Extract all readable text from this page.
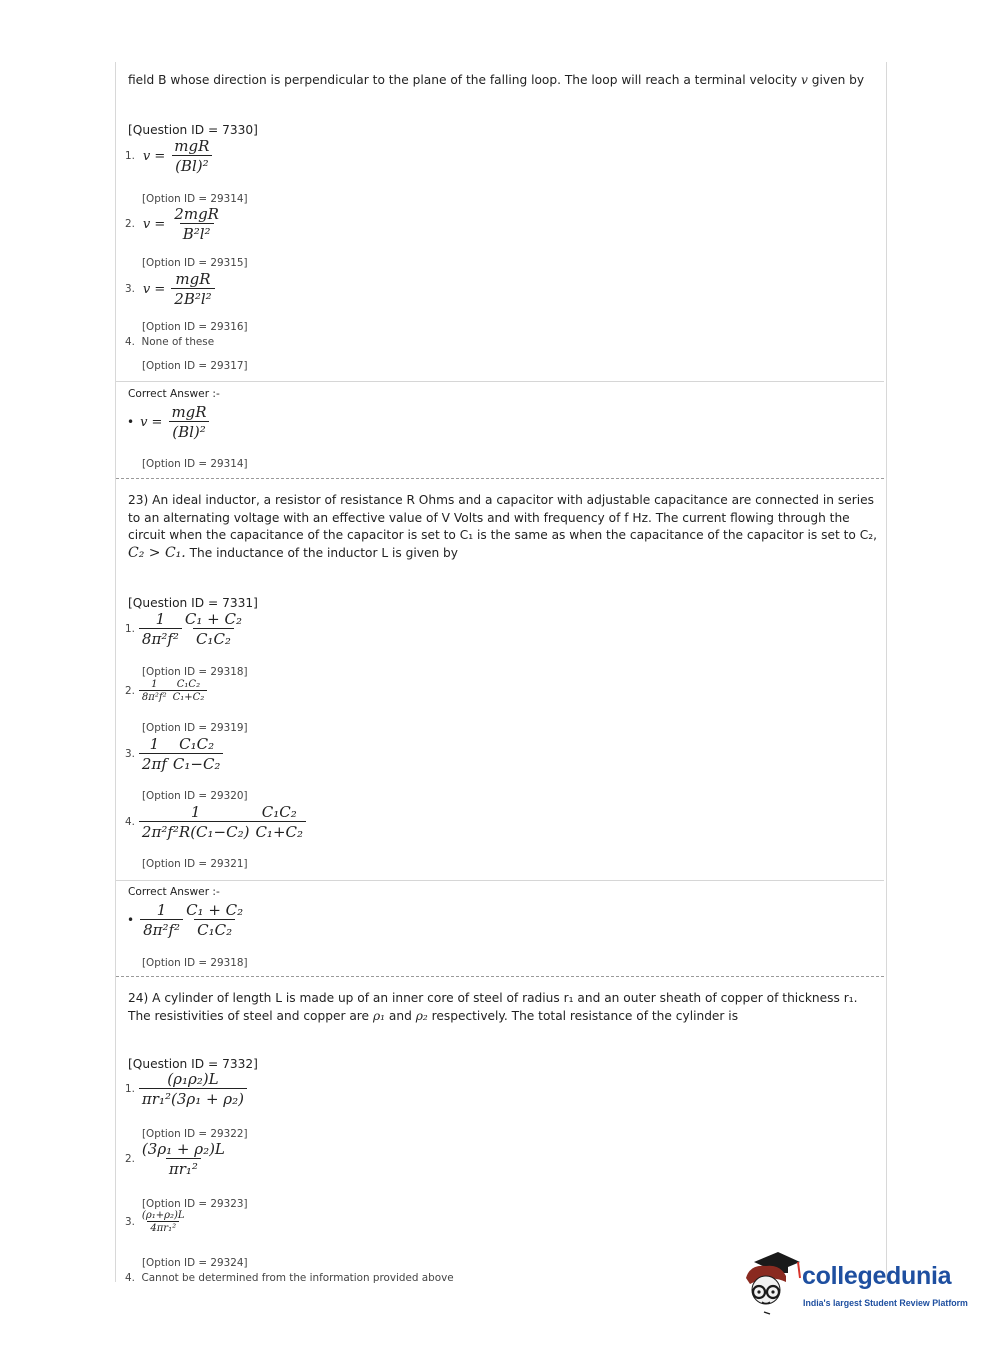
field B whose direction is perpendicular to the plane of the falling loop. The loop will reach a terminal velocity v given by
[Question ID = 7330]
1. $v = \frac{\text{mgR}}{\text{(Bl)²}}$
[Option ID = 29314]
2. $v = \frac{\text{2mgR}}{\text{B²l²}}$
[Option ID = 29315]
3. $v = \frac{\text{mgR}}{\text{2B²l²}}$
[Option ID = 29316]
4. None of these
[Option ID = 29317]
Correct Answer :-
• $v = \frac{\text{mgR}}{\text{(Bl)²}}$
[Option ID = 29314]
23) An ideal inductor, a resistor of resistance R Ohms and a capacitor with adjustable capacitance are connected in series
to an alternating voltage with an effective value of V Volts and with frequency of f Hz. The current flowing through the
circuit when the capacitance of the capacitor is set to C₁ is the same as when the capacitance of the capacitor is set to C₂,
C₂ > C₁. The inductance of the inductor L is given by
[Question ID = 7331]
1. $\frac{1}{\text{8π²f²}} \frac{\text{C₁ + C₂}}{\text{C₁C₂}}$
[Option ID = 29318]
2. $\frac{1}{\text{8π²f²}} \frac{\text{C₁C₂}}{\text{C₁+C₂}}$
[Option ID = 29319]
3. $\frac{1}{2\pi f} \frac{\text{C₁C₂}}{\text{C₁−C₂}}$
[Option ID = 29320]
4. $\frac{1}{\text{2π²f²R(C₁−C₂)}} \frac{\text{C₁C₂}}{\text{C₁+C₂}}$
[Option ID = 29321]
Correct Answer :-
• $\frac{1}{\text{8π²f²}} \frac{\text{C₁ + C₂}}{\text{C₁C₂}}$
[Option ID = 29318]
24) A cylinder of length L is made up of an inner core of steel of radius r₁ and an outer sheath of copper of thickness r₁.
The resistivities of steel and copper are ρ₁ and ρ₂ respectively. The total resistance of the cylinder is
[Question ID = 7332]
1. $\frac{\text{(ρ₁ρ₂)L}}{\text{πr₁²(3ρ₁ + ρ₂)}}$
[Option ID = 29322]
2. $\frac{\text{(3ρ₁ + ρ₂)L}}{\text{πr₁²}}$
[Option ID = 29323]
3. $\frac{\text{(ρ₁+ρ₂)L}}{\text{4πr₁²}}$
[Option ID = 29324]
4. Cannot be determined from the information provided above	collegedunia
India's largest Student Review Platform
